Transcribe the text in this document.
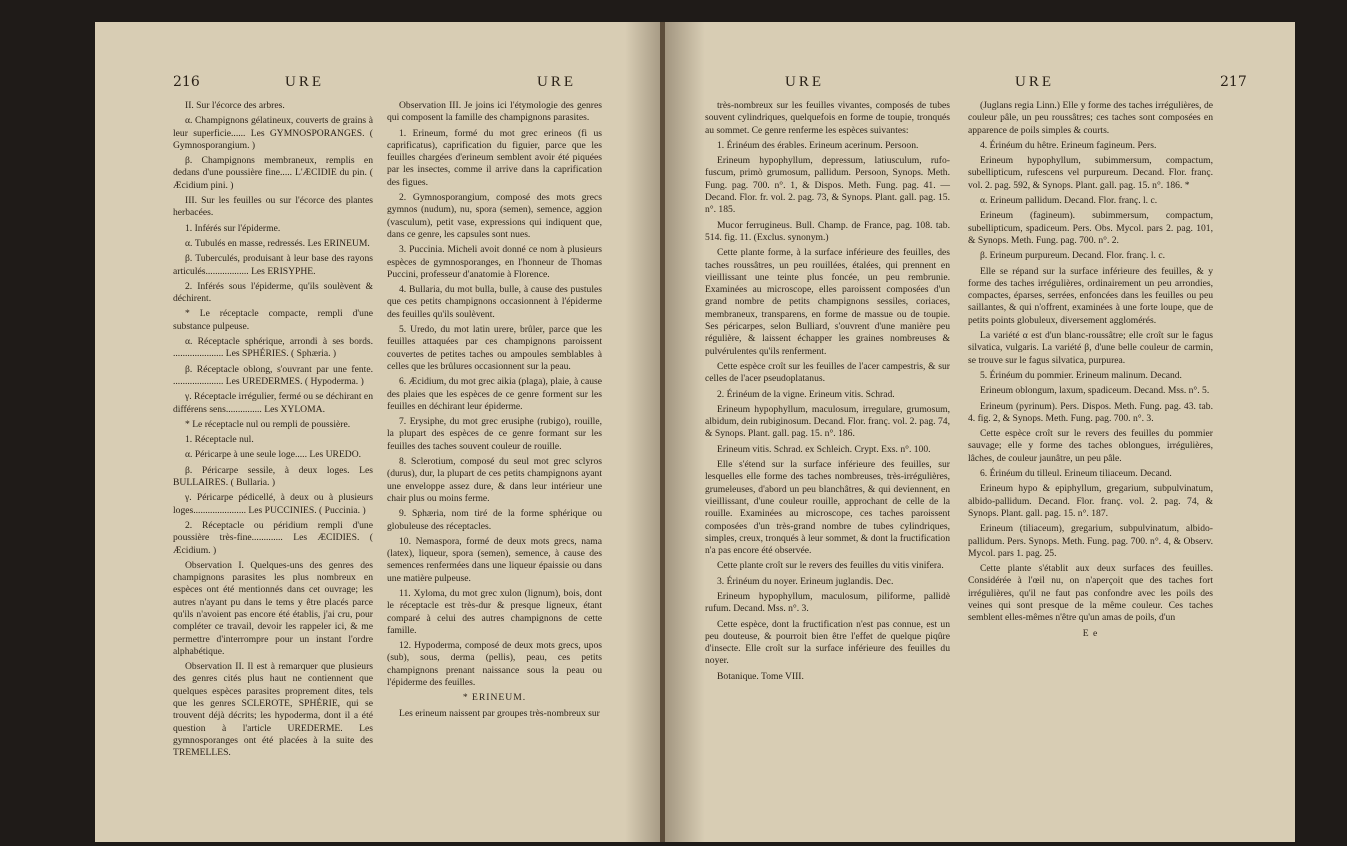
216	URE	URE

II. Sur l'écorce des arbres.

α. Champignons gélatineux, couverts de grains à leur superficie...... Les GYMNOSPORANGES. ( Gymnosporangium. )

β. Champignons membraneux, remplis en dedans d'une poussière fine..... L'ÆCIDIE du pin. ( Æcidium pini. )

III. Sur les feuilles ou sur l'écorce des plantes herbacées.

1. Inférés sur l'épiderme.

α. Tubulés en masse, redressés. Les ERINEUM.

β. Tuberculés, produisant à leur base des rayons articulés.................. Les ERISYPHE.

2. Inférés sous l'épiderme, qu'ils soulèvent & déchirent.

* Le réceptacle compacte, rempli d'une substance pulpeuse.

α. Réceptacle sphérique, arrondi à ses bords. ..................... Les SPHÉRIES. ( Sphæria. )

β. Réceptacle oblong, s'ouvrant par une fente. ..................... Les UREDERMES. ( Hypoderma. )

γ. Réceptacle irrégulier, fermé ou se déchirant en différens sens............... Les XYLOMA.

* Le réceptacle nul ou rempli de poussière.

1. Réceptacle nul.

α. Péricarpe à une seule loge..... Les UREDO.

β. Péricarpe sessile, à deux loges. Les BULLAIRES. ( Bullaria. )

γ. Péricarpe pédicellé, à deux ou à plusieurs loges...................... Les PUCCINIES. ( Puccinia. )

2. Réceptacle ou péridium rempli d'une poussière très-fine............. Les ÆCIDIES. ( Æcidium. )

Observation I. Quelques-uns des genres des champignons parasites les plus nombreux en espèces ont été mentionnés dans cet ouvrage; les autres n'ayant pu dans le tems y être placés parce qu'ils n'avoient pas encore été établis, j'ai cru, pour compléter ce travail, devoir les rappeler ici, & me permettre d'interrompre pour un instant l'ordre alphabétique.

Observation II. Il est à remarquer que plusieurs des genres cités plus haut ne contiennent que quelques espèces parasites proprement dites, tels que les genres SCLEROTE, SPHÉRIE, qui se trouvent déjà décrits; les hypoderma, dont il a été question à l'article UREDERME. Les gymnosporanges ont été placées à la suite des TREMELLES.

Observation III. Je joins ici l'étymologie des genres qui composent la famille des champignons parasites.

1. Erineum, formé du mot grec erineos (fi us caprificatus), caprification du figuier, parce que les feuilles chargées d'erineum semblent avoir été piquées par les insectes, comme il arrive dans la caprification des figues.

2. Gymnosporangium, composé des mots grecs gymnos (nudum), nu, spora (semen), semence, aggion (vasculum), petit vase, expressions qui indiquent que, dans ce genre, les capsules sont nues.

3. Puccinia. Micheli avoit donné ce nom à plusieurs espèces de gymnosporanges, en l'honneur de Thomas Puccini, professeur d'anatomie à Florence.

4. Bullaria, du mot bulla, bulle, à cause des pustules que ces petits champignons occasionnent à l'épiderme des feuilles qu'ils soulèvent.

5. Uredo, du mot latin urere, brûler, parce que les feuilles attaquées par ces champignons paroissent couvertes de petites taches ou ampoules semblables à celles que les brûlures occasionnent sur la peau.

6. Æcidium, du mot grec aikia (plaga), plaie, à cause des plaies que les espèces de ce genre forment sur les feuilles en déchirant leur épiderme.

7. Erysiphe, du mot grec erusiphe (rubigo), rouille, la plupart des espèces de ce genre formant sur les feuilles des taches souvent couleur de rouille.

8. Sclerotium, composé du seul mot grec sclyros (durus), dur, la plupart de ces petits champignons ayant une enveloppe assez dure, & dans leur intérieur une chair plus ou moins ferme.

9. Sphæria, nom tiré de la forme sphérique ou globuleuse des réceptacles.

10. Nemaspora, formé de deux mots grecs, nama (latex), liqueur, spora (semen), semence, à cause des semences renfermées dans une liqueur épaissie ou dans une matière pulpeuse.

11. Xyloma, du mot grec xulon (lignum), bois, dont le réceptacle est très-dur & presque ligneux, étant comparé à celui des autres champignons de cette famille.

12. Hypoderma, composé de deux mots grecs, upos (sub), sous, derma (pellis), peau, ces petits champignons prenant naissance sous la peau ou l'épiderme des feuilles.

* ERINEUM.

Les erineum naissent par groupes très-nombreux sur

URE	URE	217

très-nombreux sur les feuilles vivantes, composés de tubes souvent cylindriques, quelquefois en forme de toupie, tronqués au sommet. Ce genre renferme les espèces suivantes:

1. Érinéum des érables. Erineum acerinum. Persoon.

Erineum hypophyllum, depressum, latiusculum, rufo-fuscum, primò grumosum, pallidum. Persoon, Synops. Meth. Fung. pag. 700. n°. 1, & Dispos. Meth. Fung. pag. 41. — Decand. Flor. fr. vol. 2. pag. 73, & Synops. Plant. gall. pag. 15. n°. 185.

Mucor ferrugineus. Bull. Champ. de France, pag. 108. tab. 514. fig. 11. (Exclus. synonym.)

Cette plante forme, à la surface inférieure des feuilles, des taches roussâtres, un peu rouillées, étalées, qui prennent en vieillissant une teinte plus foncée, un peu rembrunie. Examinées au microscope, elles paroissent composées d'un grand nombre de petits champignons sessiles, coriaces, membraneux, transparens, en forme de massue ou de toupie. Ses péricarpes, selon Bulliard, s'ouvrent d'une manière peu régulière, & laissent échapper les graines nombreuses & pulvérulentes qu'ils renferment.

Cette espèce croît sur les feuilles de l'acer campestris, & sur celles de l'acer pseudoplatanus.

2. Érinéum de la vigne. Erineum vitis. Schrad.

Erineum hypophyllum, maculosum, irregulare, grumosum, albidum, dein rubiginosum. Decand. Flor. franç. vol. 2. pag. 74, & Synops. Plant. gall. pag. 15. n°. 186.

Erineum vitis. Schrad. ex Schleich. Crypt. Exs. n°. 100.

Elle s'étend sur la surface inférieure des feuilles, sur lesquelles elle forme des taches nombreuses, très-irrégulières, grumeleuses, d'abord un peu blanchâtres, & qui deviennent, en vieillissant, d'une couleur rouille, approchant de celle de la rouille. Examinées au microscope, ces taches paroissent composées d'un très-grand nombre de tubes cylindriques, simples, creux, tronqués à leur sommet, & dont la fructification n'a pas encore été observée.

Cette plante croît sur le revers des feuilles du vitis vinifera.

3. Érinéum du noyer. Erineum juglandis. Dec.

Erineum hypophyllum, maculosum, piliforme, pallidè rufum. Decand. Mss. n°. 3.

Cette espèce, dont la fructification n'est pas connue, est un peu douteuse, & pourroit bien être l'effet de quelque piqûre d'insecte. Elle croît sur la surface inférieure des feuilles du noyer.

Botanique. Tome VIII.

(Juglans regia Linn.) Elle y forme des taches irrégulières, de couleur pâle, un peu roussâtres; ces taches sont composées en apparence de poils simples & courts.

4. Érinéum du hêtre. Erineum fagineum. Pers.

Erineum hypophyllum, subimmersum, compactum, subellipticum, rufescens vel purpureum. Decand. Flor. franç. vol. 2. pag. 592, & Synops. Plant. gall. pag. 15. n°. 186. *

α. Erineum pallidum. Decand. Flor. franç. l. c.

Erineum (fagineum). subimmersum, compactum, subellipticum, spadiceum. Pers. Obs. Mycol. pars 2. pag. 101, & Synops. Meth. Fung. pag. 700. n°. 2.

β. Erineum purpureum. Decand. Flor. franç. l. c.

Elle se répand sur la surface inférieure des feuilles, & y forme des taches irrégulières, ordinairement un peu arrondies, compactes, éparses, serrées, enfoncées dans les feuilles ou peu saillantes, & qui n'offrent, examinées à une forte loupe, que de petits points globuleux, diversement agglomérés.

La variété α est d'un blanc-roussâtre; elle croît sur le fagus silvatica, vulgaris. La variété β, d'une belle couleur de carmin, se trouve sur le fagus silvatica, purpurea.

5. Érinéum du pommier. Erineum malinum. Decand.

Erineum oblongum, laxum, spadiceum. Decand. Mss. n°. 5.

Erineum (pyrinum). Pers. Dispos. Meth. Fung. pag. 43. tab. 4. fig. 2, & Synops. Meth. Fung. pag. 700. n°. 3.

Cette espèce croît sur le revers des feuilles du pommier sauvage; elle y forme des taches oblongues, irrégulières, lâches, de couleur jaunâtre, un peu pâle.

6. Érinéum du tilleul. Erineum tiliaceum. Decand.

Erineum hypo & epiphyllum, gregarium, subpulvinatum, albido-pallidum. Decand. Flor. franç. vol. 2. pag. 74, & Synops. Plant. gall. pag. 15. n°. 187.

Erineum (tiliaceum), gregarium, subpulvinatum, albido-pallidum. Pers. Synops. Meth. Fung. pag. 700. n°. 4, & Observ. Mycol. pars 1. pag. 25.

Cette plante s'établit aux deux surfaces des feuilles. Considérée à l'œil nu, on n'aperçoit que des taches fort irrégulières, qu'il ne faut pas confondre avec les poils des veines qui sont presque de la même couleur. Ces taches semblent elles-mêmes n'être qu'un amas de poils, d'un

E e
